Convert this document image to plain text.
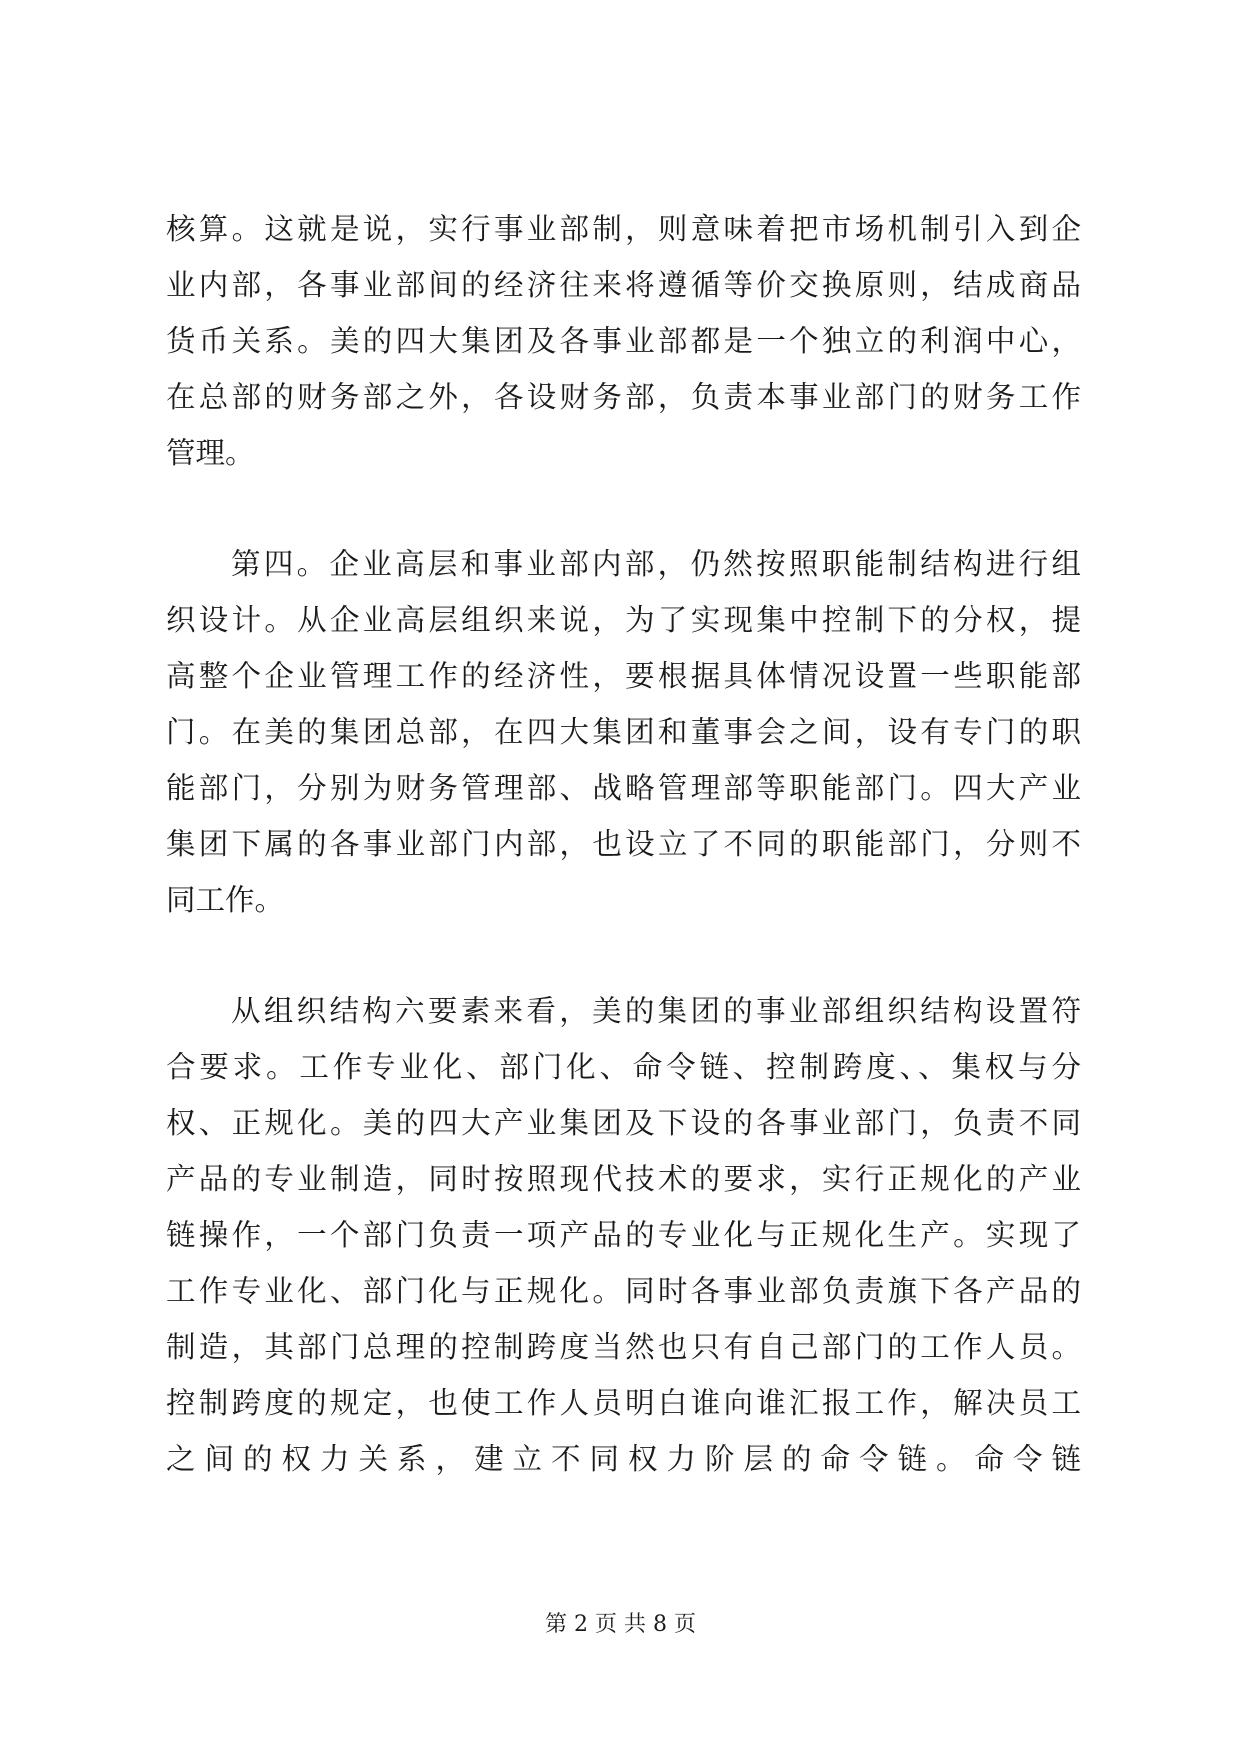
核算。这就是说，实行事业部制，则意味着把市场机制引入到企
业内部，各事业部间的经济往来将遵循等价交换原则，结成商品
货币关系。美的四大集团及各事业部都是一个独立的利润中心，
在总部的财务部之外，各设财务部，负责本事业部门的财务工作
管理。
第四。企业高层和事业部内部，仍然按照职能制结构进行组
织设计。从企业高层组织来说，为了实现集中控制下的分权，提
高整个企业管理工作的经济性，要根据具体情况设置一些职能部
门。在美的集团总部，在四大集团和董事会之间，设有专门的职
能部门，分别为财务管理部、战略管理部等职能部门。四大产业
集团下属的各事业部门内部，也设立了不同的职能部门，分则不
同工作。
从组织结构六要素来看，美的集团的事业部组织结构设置符
合要求。工作专业化、部门化、命令链、控制跨度、、集权与分
权、正规化。美的四大产业集团及下设的各事业部门，负责不同
产品的专业制造，同时按照现代技术的要求，实行正规化的产业
链操作，一个部门负责一项产品的专业化与正规化生产。实现了
工作专业化、部门化与正规化。同时各事业部负责旗下各产品的
制造，其部门总理的控制跨度当然也只有自己部门的工作人员。
控制跨度的规定，也使工作人员明白谁向谁汇报工作，解决员工
之间的权力关系，建立不同权力阶层的命令链。命令链
第 2 页 共 8 页
